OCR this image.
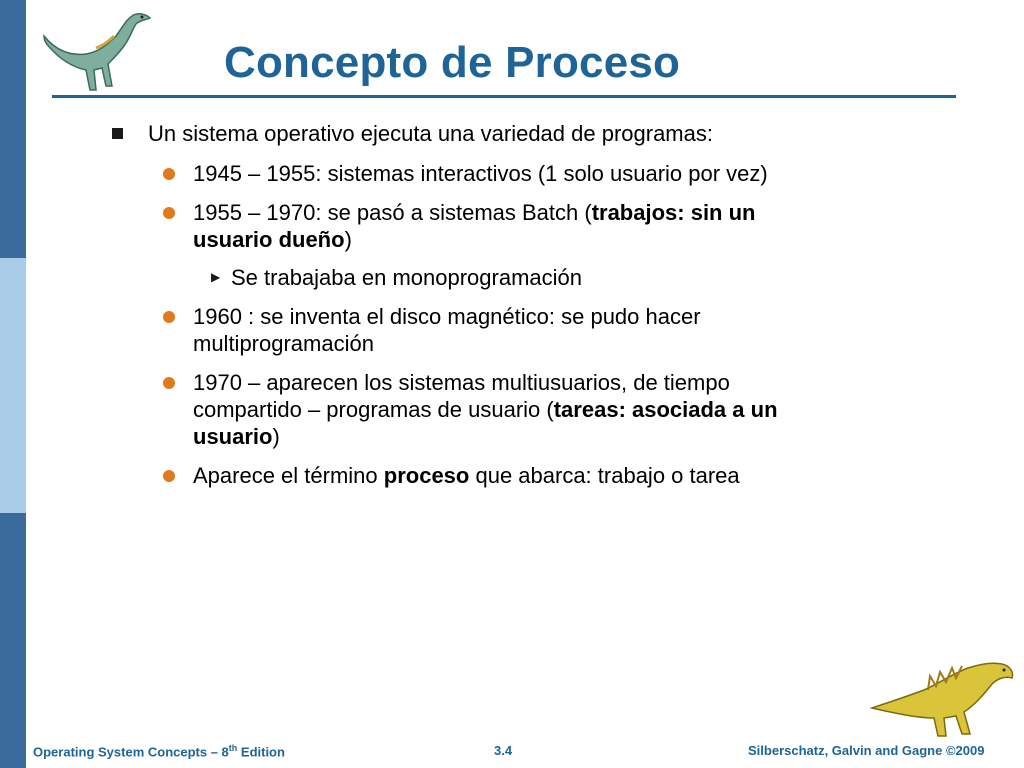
Concepto de Proceso
Un sistema operativo ejecuta una variedad de programas:
1945 – 1955: sistemas interactivos (1 solo usuario por vez)
1955 – 1970: se pasó a sistemas Batch (trabajos: sin un
usuario dueño)
▶ Se trabajaba en monoprogramación
1960 : se inventa el disco magnético: se pudo hacer
multiprogramación
1970 – aparecen los sistemas multiusuarios, de tiempo
compartido – programas de usuario (tareas: asociada a un
usuario)
Aparece el término proceso que abarca: trabajo o tarea
Operating System Concepts – 8th Edition	3.4	Silberschatz, Galvin and Gagne ©2009
